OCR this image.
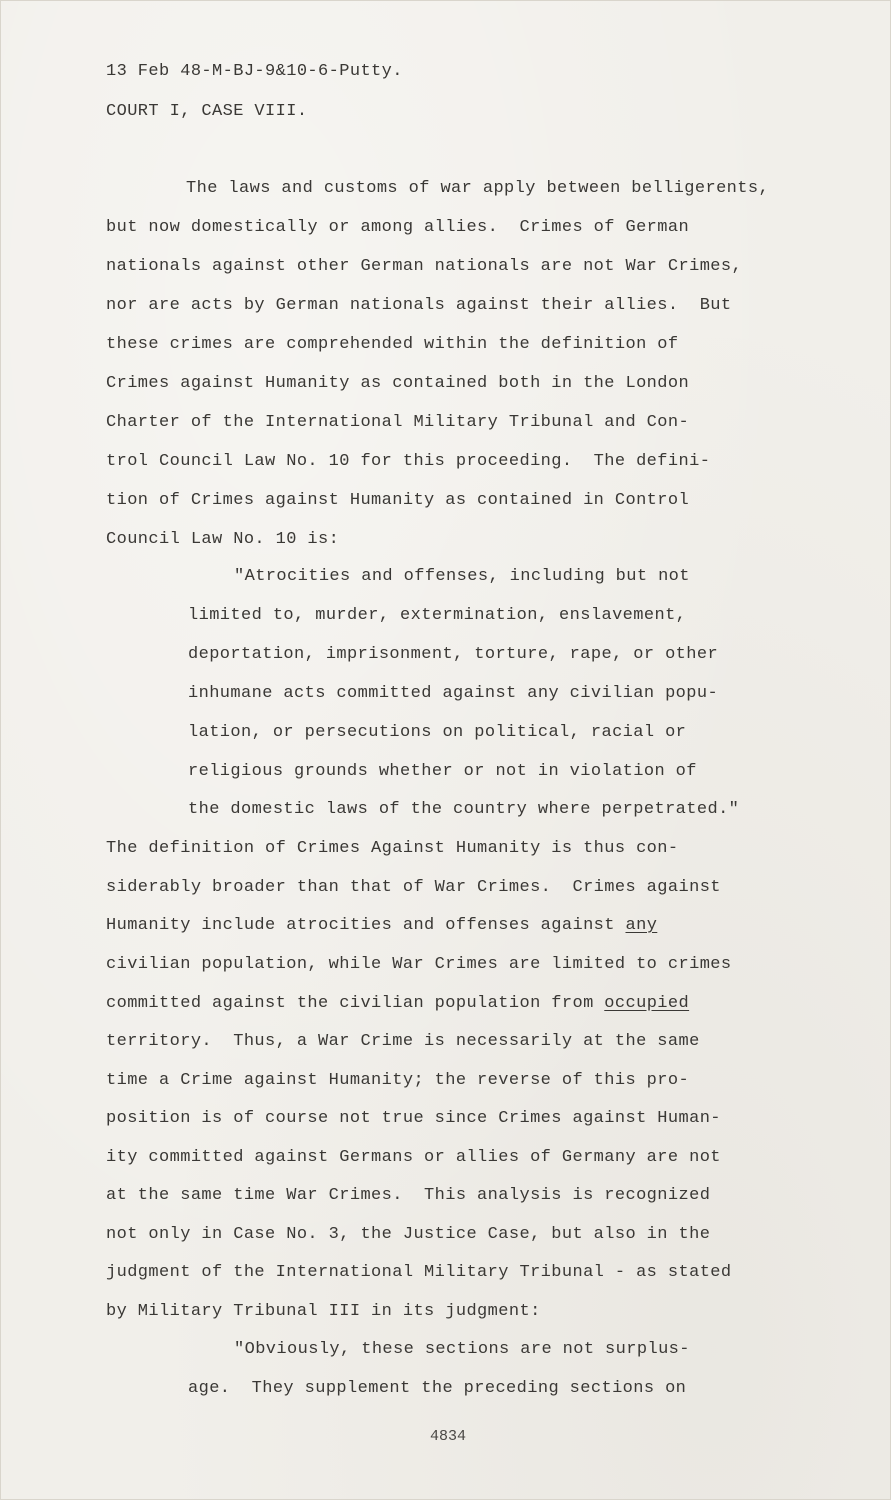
13 Feb 48-M-BJ-9&10-6-Putty.
COURT I, CASE VIII.
The laws and customs of war apply between belligerents,
but now domestically or among allies.  Crimes of German
nationals against other German nationals are not War Crimes,
nor are acts by German nationals against their allies.  But
these crimes are comprehended within the definition of
Crimes against Humanity as contained both in the London
Charter of the International Military Tribunal and Con-
trol Council Law No. 10 for this proceeding.  The defini-
tion of Crimes against Humanity as contained in Control
Council Law No. 10 is:
"Atrocities and offenses, including but not
limited to, murder, extermination, enslavement,
deportation, imprisonment, torture, rape, or other
inhumane acts committed against any civilian popu-
lation, or persecutions on political, racial or
religious grounds whether or not in violation of
the domestic laws of the country where perpetrated."
The definition of Crimes Against Humanity is thus con-
siderably broader than that of War Crimes.  Crimes against
Humanity include atrocities and offenses against any
civilian population, while War Crimes are limited to crimes
committed against the civilian population from occupied
territory.  Thus, a War Crime is necessarily at the same
time a Crime against Humanity; the reverse of this pro-
position is of course not true since Crimes against Human-
ity committed against Germans or allies of Germany are not
at the same time War Crimes.  This analysis is recognized
not only in Case No. 3, the Justice Case, but also in the
judgment of the International Military Tribunal - as stated
by Military Tribunal III in its judgment:
"Obviously, these sections are not surplus-
age.  They supplement the preceding sections on
4834
